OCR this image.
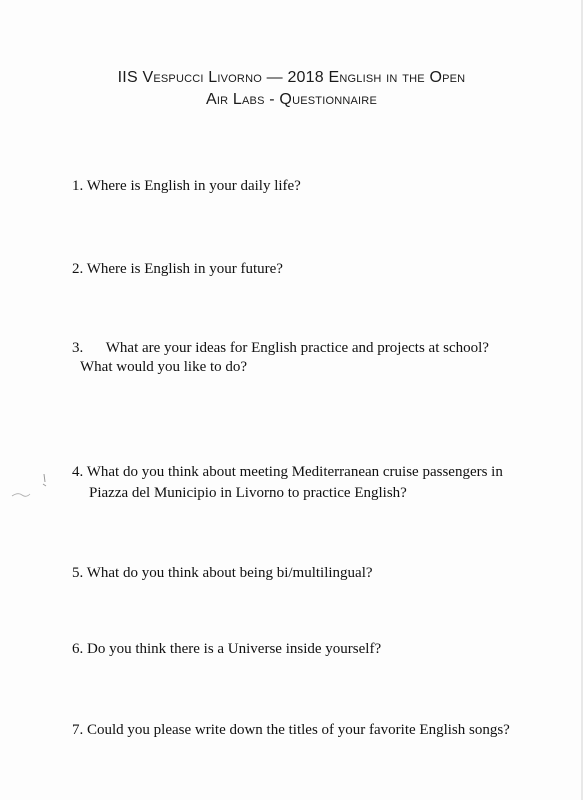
IIS Vespucci Livorno — 2018 English in the Open
Air Labs - Questionnaire
1. Where is English in your daily life?
2. Where is English in your future?
3.      What are your ideas for English practice and projects at school?
What would you like to do?
4. What do you think about meeting Mediterranean cruise passengers in
Piazza del Municipio in Livorno to practice English?
5. What do you think about being bi/multilingual?
6. Do you think there is a Universe inside yourself?
7. Could you please write down the titles of your favorite English songs?
